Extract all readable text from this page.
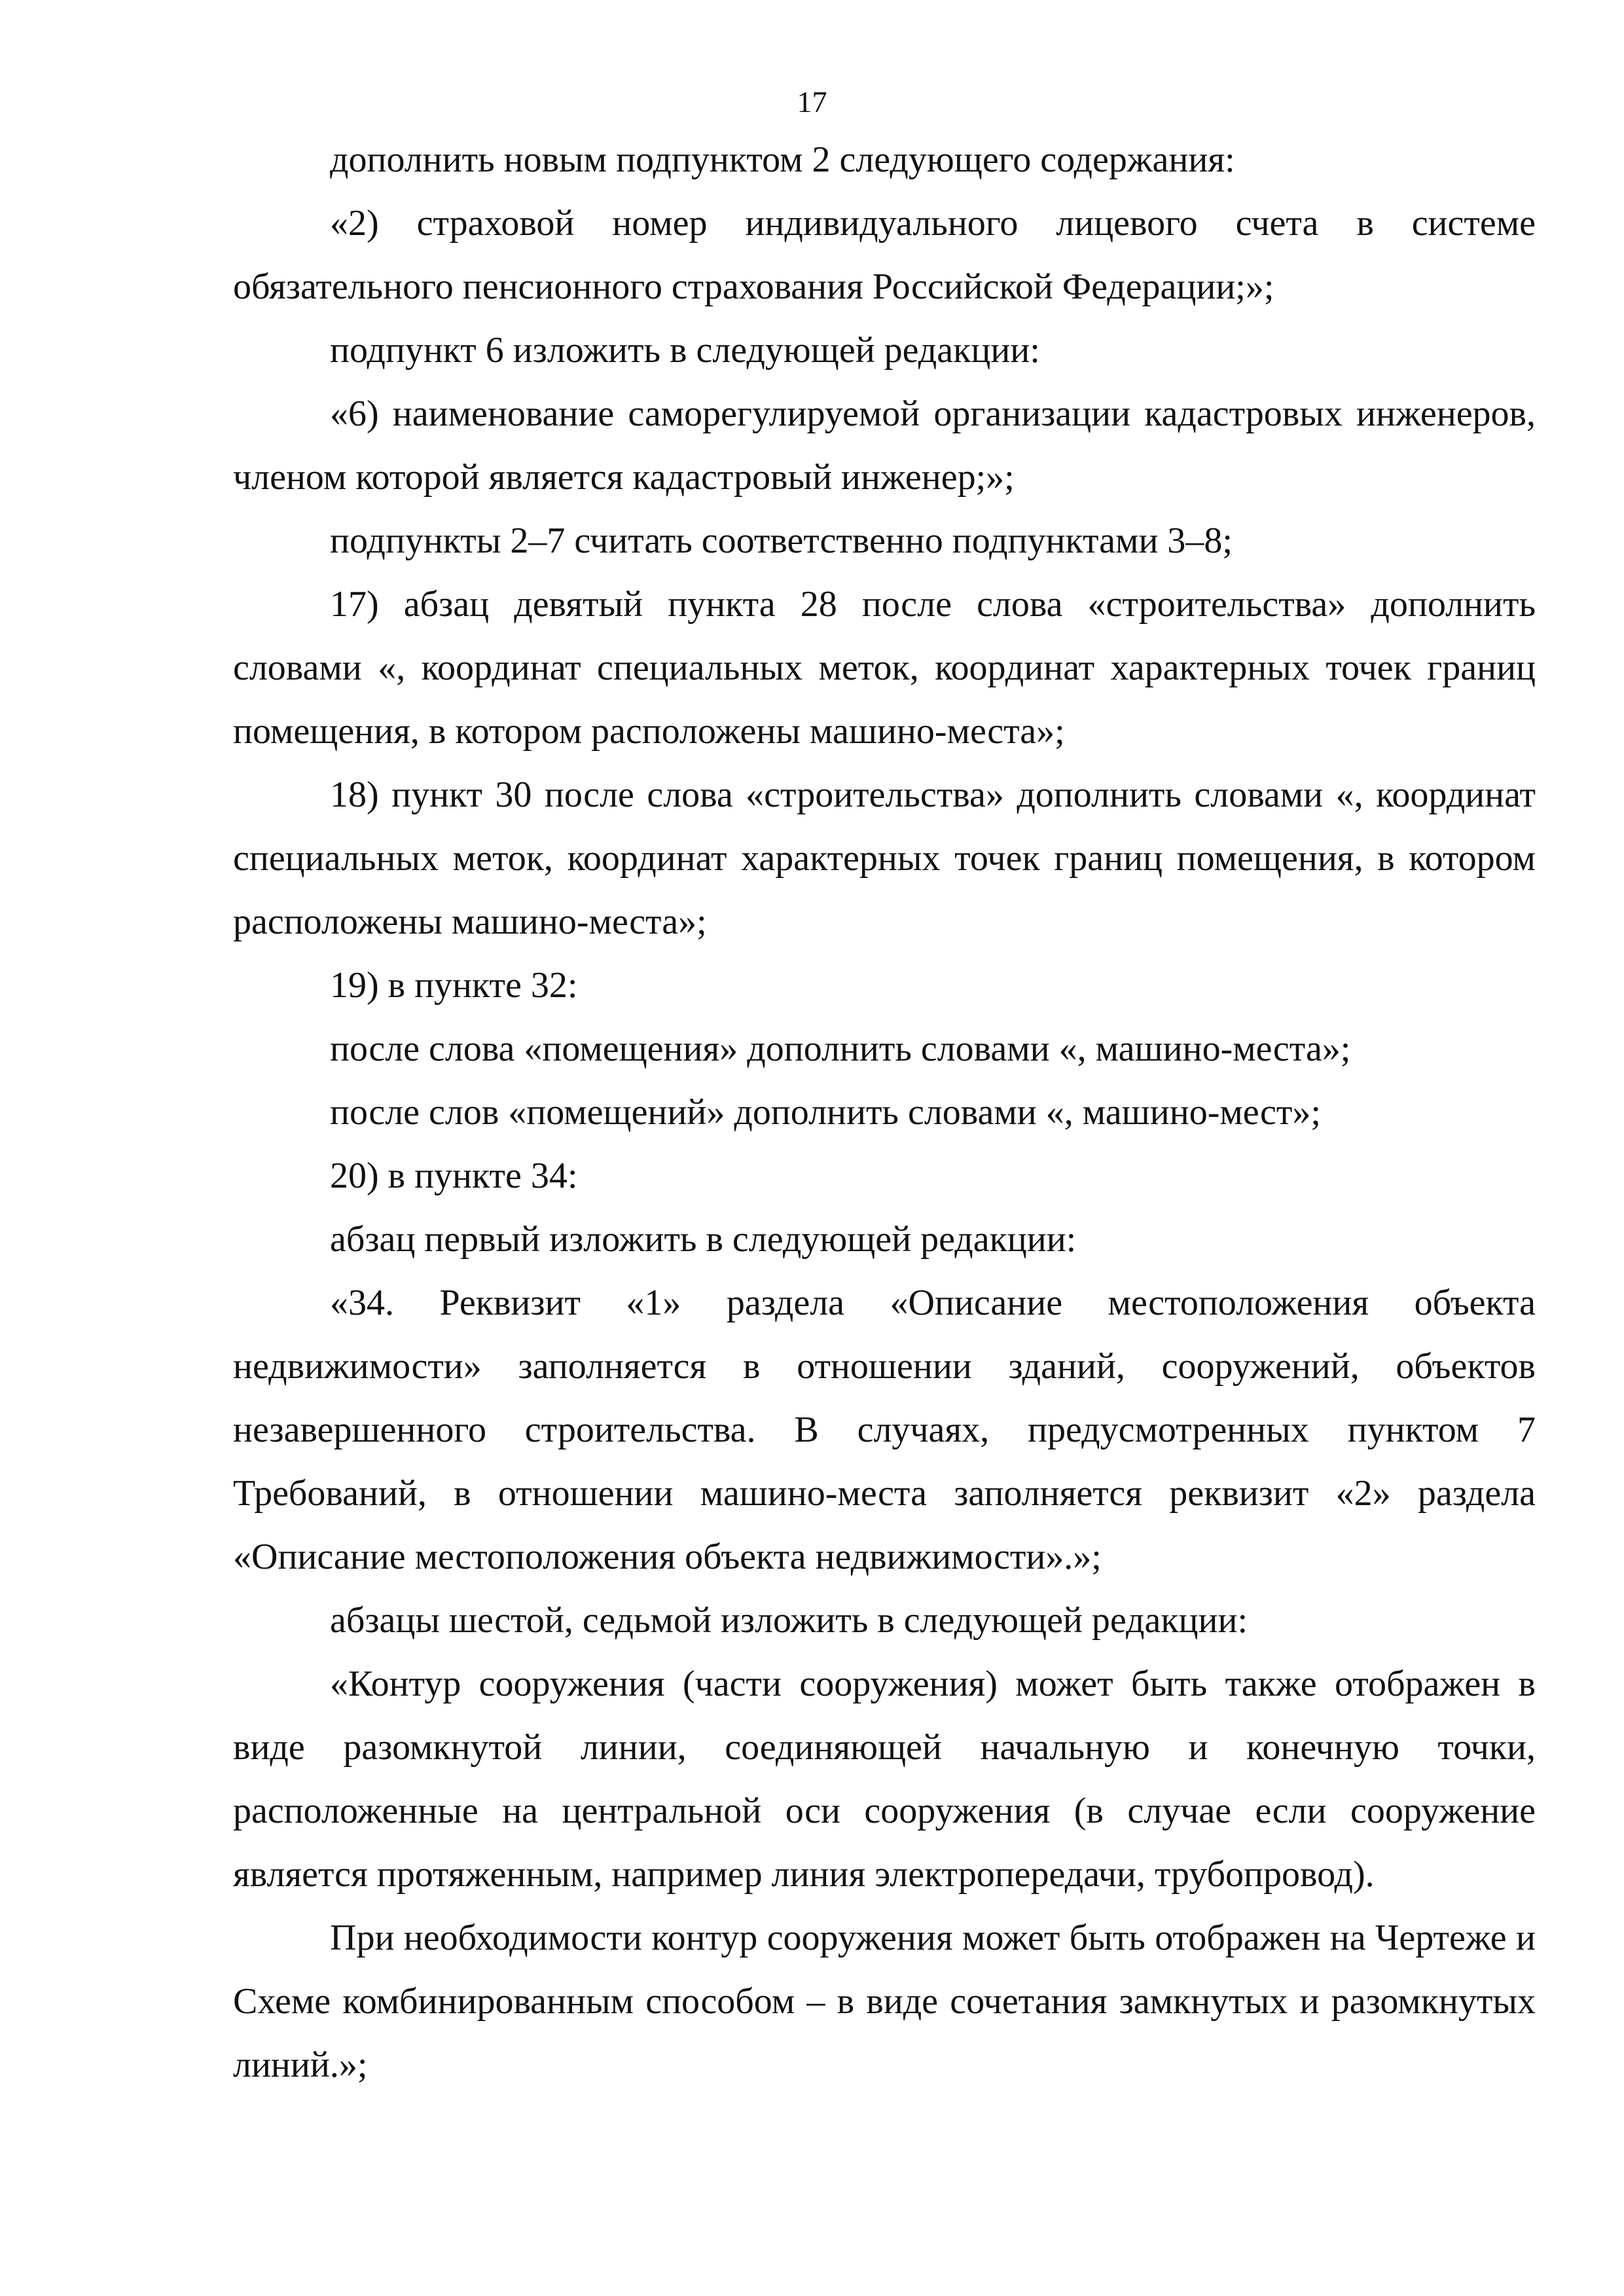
17

дополнить новым подпунктом 2 следующего содержания:

«2) страховой номер индивидуального лицевого счета в системе обязательного пенсионного страхования Российской Федерации;»;

подпункт 6 изложить в следующей редакции:

«6) наименование саморегулируемой организации кадастровых инженеров, членом которой является кадастровый инженер;»;

подпункты 2–7 считать соответственно подпунктами 3–8;

17) абзац девятый пункта 28 после слова «строительства» дополнить словами «, координат специальных меток, координат характерных точек границ помещения, в котором расположены машино-места»;

18) пункт 30 после слова «строительства» дополнить словами «, координат специальных меток, координат характерных точек границ помещения, в котором расположены машино-места»;

19) в пункте 32:

после слова «помещения» дополнить словами «, машино-места»;

после слов «помещений» дополнить словами «, машино-мест»;

20) в пункте 34:

абзац первый изложить в следующей редакции:

«34. Реквизит «1» раздела «Описание местоположения объекта недвижимости» заполняется в отношении зданий, сооружений, объектов незавершенного строительства. В случаях, предусмотренных пунктом 7 Требований, в отношении машино-места заполняется реквизит «2» раздела «Описание местоположения объекта недвижимости».»;

абзацы шестой, седьмой изложить в следующей редакции:

«Контур сооружения (части сооружения) может быть также отображен в виде разомкнутой линии, соединяющей начальную и конечную точки, расположенные на центральной оси сооружения (в случае если сооружение является протяженным, например линия электропередачи, трубопровод).

При необходимости контур сооружения может быть отображен на Чертеже и Схеме комбинированным способом – в виде сочетания замкнутых и разомкнутых линий.»;
